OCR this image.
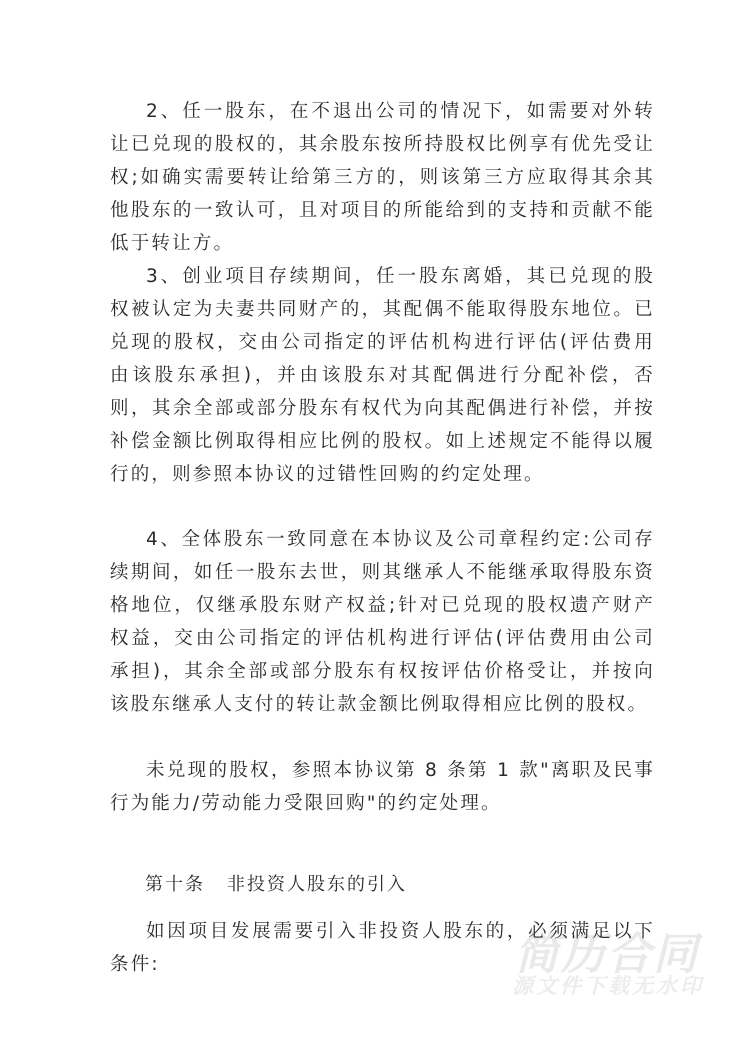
简历合同
源文件下载无水印

2、任一股东，在不退出公司的情况下，如需要对外转让已兑现的股权的，其余股东按所持股权比例享有优先受让权;如确实需要转让给第三方的，则该第三方应取得其余其他股东的一致认可，且对项目的所能给到的支持和贡献不能低于转让方。

3、创业项目存续期间，任一股东离婚，其已兑现的股权被认定为夫妻共同财产的，其配偶不能取得股东地位。已兑现的股权，交由公司指定的评估机构进行评估(评估费用由该股东承担)，并由该股东对其配偶进行分配补偿，否则，其余全部或部分股东有权代为向其配偶进行补偿，并按补偿金额比例取得相应比例的股权。如上述规定不能得以履行的，则参照本协议的过错性回购的约定处理。

4、全体股东一致同意在本协议及公司章程约定:公司存续期间，如任一股东去世，则其继承人不能继承取得股东资格地位，仅继承股东财产权益;针对已兑现的股权遗产财产权益，交由公司指定的评估机构进行评估(评估费用由公司承担)，其余全部或部分股东有权按评估价格受让，并按向该股东继承人支付的转让款金额比例取得相应比例的股权。

未兑现的股权，参照本协议第 8 条第 1 款"离职及民事行为能力/劳动能力受限回购"的约定处理。

第十条 非投资人股东的引入

如因项目发展需要引入非投资人股东的，必须满足以下条件:
